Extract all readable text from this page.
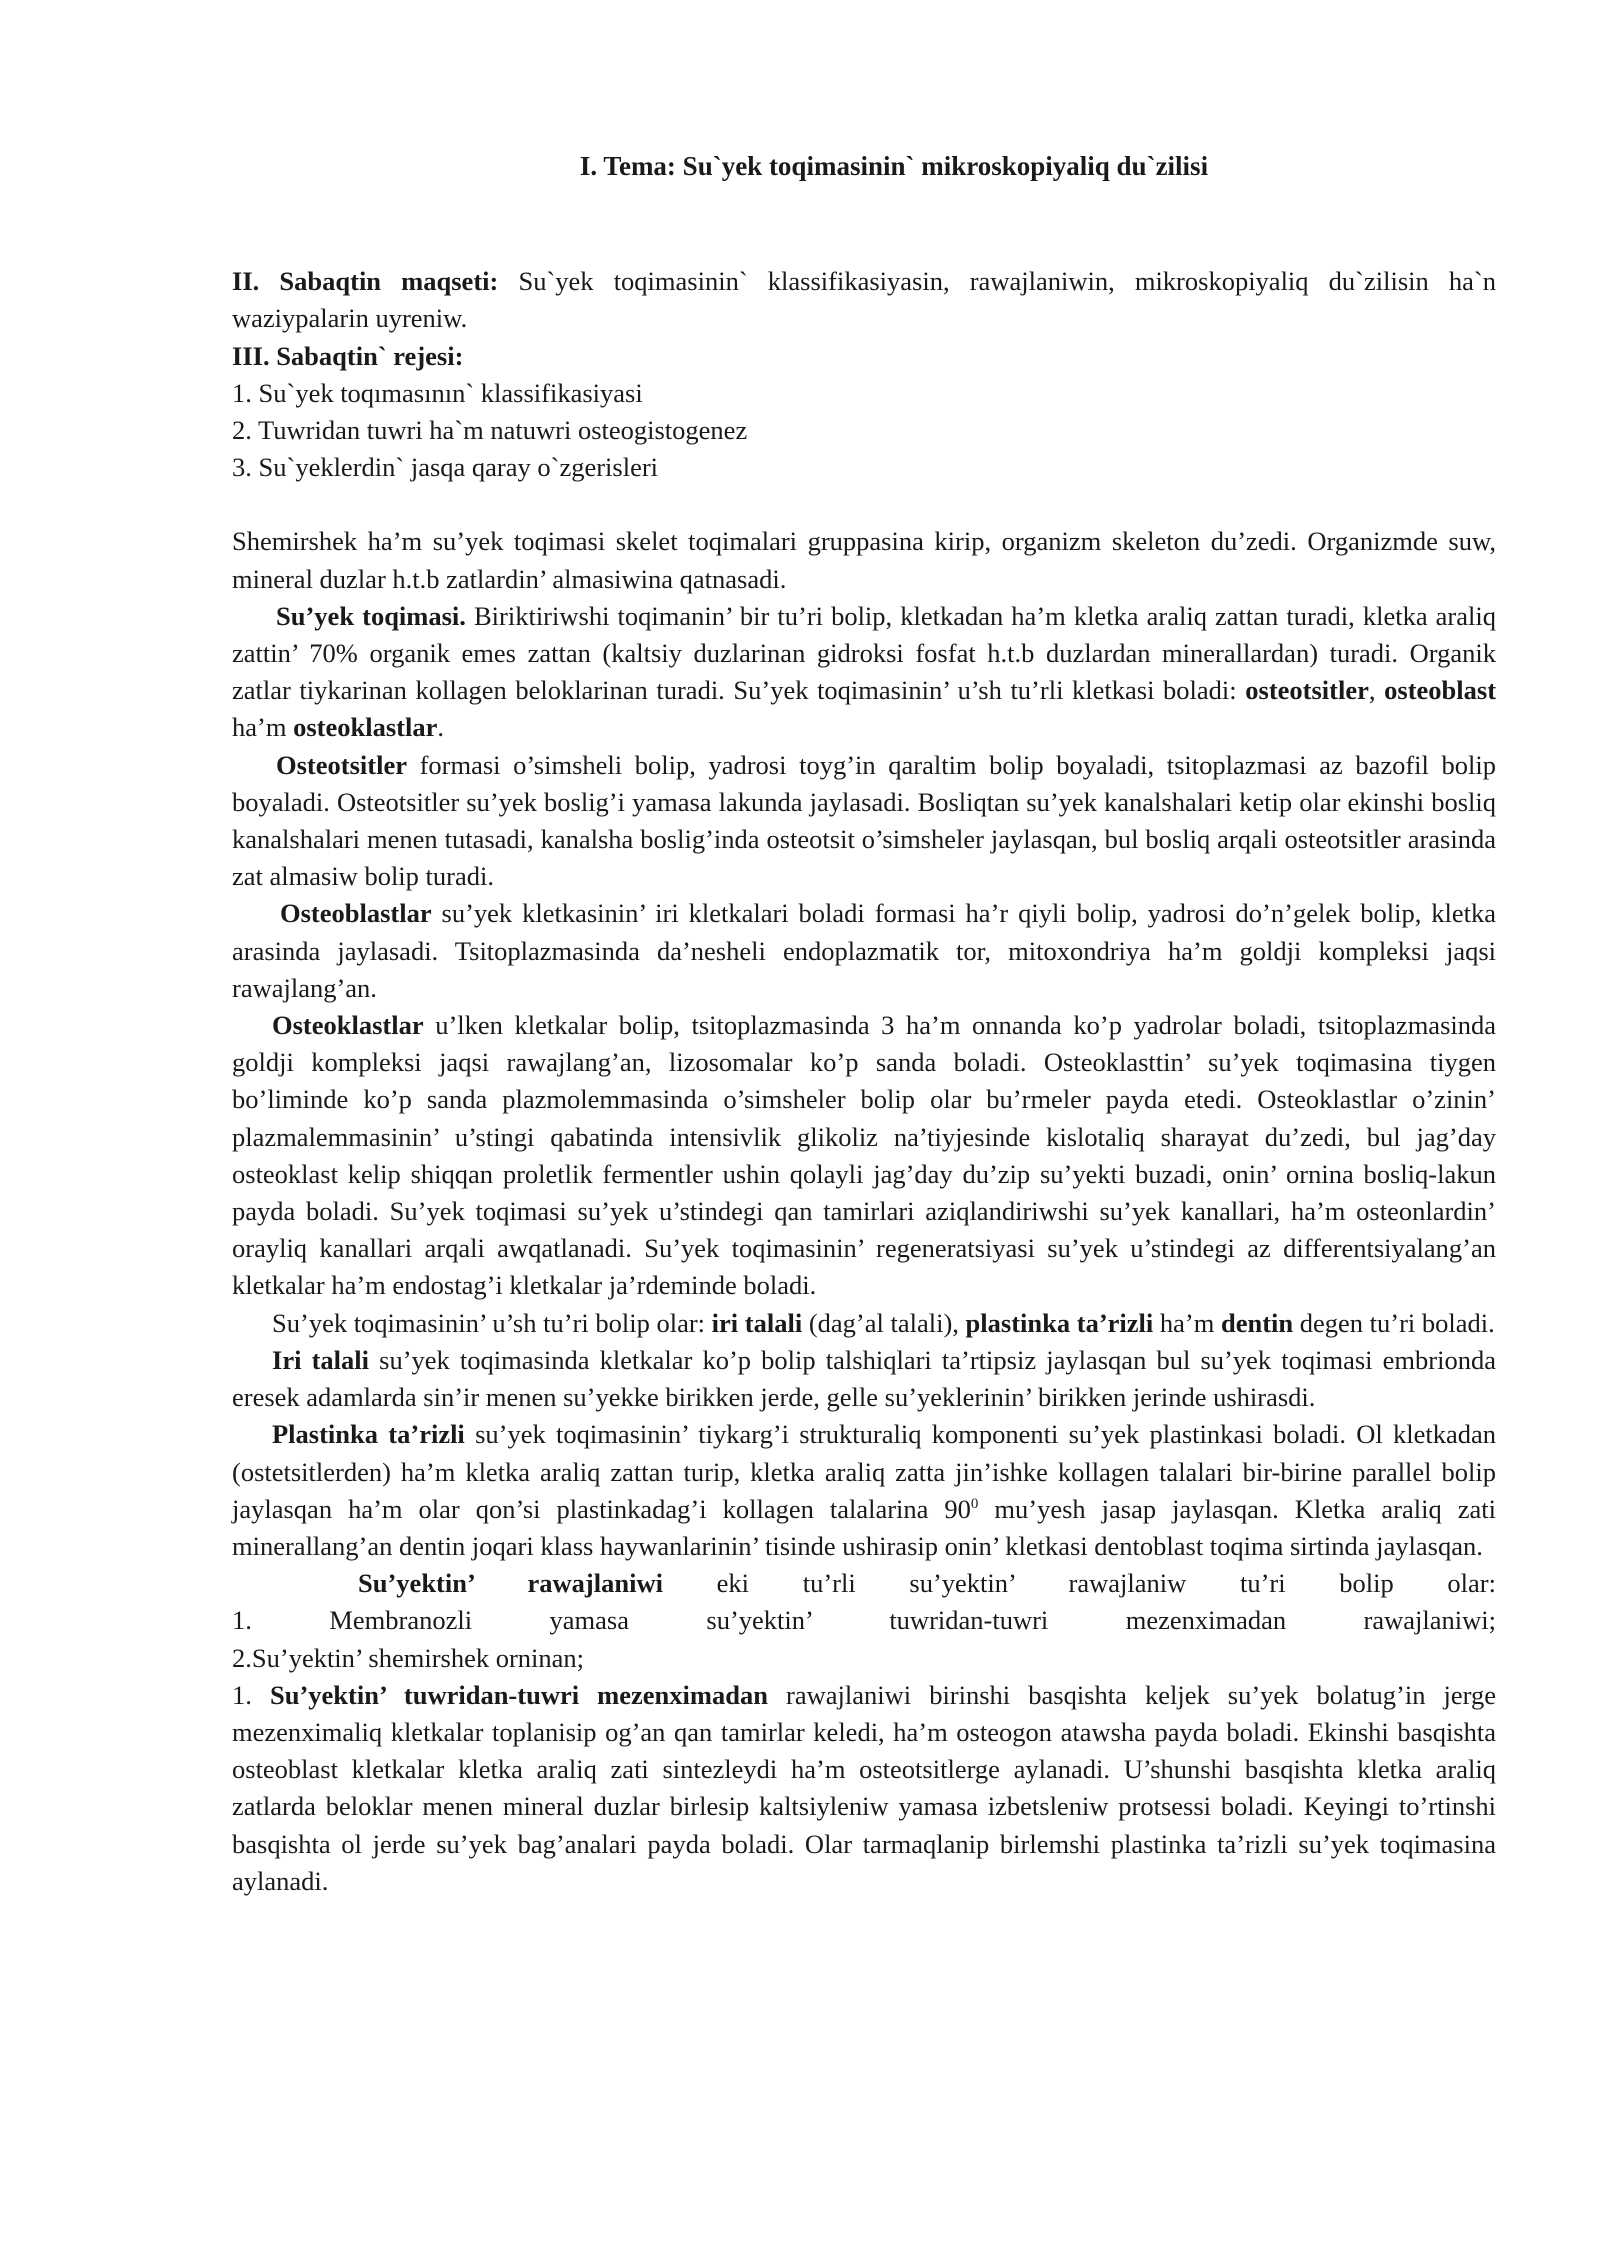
I. Tema: Su`yek toqimasinin` mikroskopiyaliq du`zilisi

II. Sabaqtin maqseti: Su`yek toqimasinin` klassifikasiyasin, rawajlaniwin, mikroskopiyaliq du`zilisin ha`n waziypalarin uyreniw.

III. Sabaqtin` rejesi:

1. Su`yek toqımasının` klassifikasiyasi

2. Tuwridan tuwri ha`m natuwri osteogistogenez

3. Su`yeklerdin` jasqa qaray o`zgerisleri

Shemirshek ha’m su’yek toqimasi skelet toqimalari gruppasina kirip, organizm skeleton du’zedi. Organizmde suw, mineral duzlar h.t.b zatlardin’ almasiwina qatnasadi.

Su’yek toqimasi. Biriktiriwshi toqimanin’ bir tu’ri bolip, kletkadan ha’m kletka araliq zattan turadi, kletka araliq zattin’ 70% organik emes zattan (kaltsiy duzlarinan gidroksi fosfat h.t.b duzlardan minerallardan) turadi. Organik zatlar tiykarinan kollagen beloklarinan turadi. Su’yek toqimasinin’ u’sh tu’rli kletkasi boladi: osteotsitler, osteoblast ha’m osteoklastlar.

Osteotsitler formasi o’simsheli bolip, yadrosi toyg’in qaraltim bolip boyaladi, tsitoplazmasi az bazofil bolip boyaladi. Osteotsitler su’yek boslig’i yamasa lakunda jaylasadi. Bosliqtan su’yek kanalshalari ketip olar ekinshi bosliq kanalshalari menen tutasadi, kanalsha boslig’inda osteotsit o’simsheler jaylasqan, bul bosliq arqali osteotsitler arasinda zat almasiw bolip turadi.

Osteoblastlar su’yek kletkasinin’ iri kletkalari boladi formasi ha’r qiyli bolip, yadrosi do’n’gelek bolip, kletka arasinda jaylasadi. Tsitoplazmasinda da’nesheli endoplazmatik tor, mitoxondriya ha’m goldji kompleksi jaqsi rawajlang’an.

Osteoklastlar u’lken kletkalar bolip, tsitoplazmasinda 3 ha’m onnanda ko’p yadrolar boladi, tsitoplazmasinda goldji kompleksi jaqsi rawajlang’an, lizosomalar ko’p sanda boladi. Osteoklasttin’ su’yek toqimasina tiygen bo’liminde ko’p sanda plazmolemmasinda o’simsheler bolip olar bu’rmeler payda etedi. Osteoklastlar o’zinin’ plazmalemmasinin’ u’stingi qabatinda intensivlik glikoliz na’tiyjesinde kislotaliq sharayat du’zedi, bul jag’day osteoklast kelip shiqqan proletlik fermentler ushin qolayli jag’day du’zip su’yekti buzadi, onin’ ornina bosliq-lakun payda boladi. Su’yek toqimasi su’yek u’stindegi qan tamirlari aziqlandiriwshi su’yek kanallari, ha’m osteonlardin’ orayliq kanallari arqali awqatlanadi. Su’yek toqimasinin’ regeneratsiyasi su’yek u’stindegi az differentsiyalang’an kletkalar ha’m endostag’i kletkalar ja’rdeminde boladi.

Su’yek toqimasinin’ u’sh tu’ri bolip olar: iri talali (dag’al talali), plastinka ta’rizli ha’m dentin degen tu’ri boladi.

Iri talali su’yek toqimasinda kletkalar ko’p bolip talshiqlari ta’rtipsiz jaylasqan bul su’yek toqimasi embrionda eresek adamlarda sin’ir menen su’yekke birikken jerde, gelle su’yeklerinin’ birikken jerinde ushirasdi.

Plastinka ta’rizli su’yek toqimasinin’ tiykarg’i strukturaliq komponenti su’yek plastinkasi boladi. Ol kletkadan (ostetsitlerden) ha’m kletka araliq zattan turip, kletka araliq zatta jin’ishke kollagen talalari bir-birine parallel bolip jaylasqan ha’m olar qon’si plastinkadag’i kollagen talalarina $90^0$ mu’yesh jasap jaylasqan. Kletka araliq zati minerallang’an dentin joqari klass haywanlarinin’ tisinde ushirasip onin’ kletkasi dentoblast toqima sirtinda jaylasqan.

Su’yektin’ rawajlaniwi eki tu’rli su’yektin’ rawajlaniw tu’ri bolip olar:

1. Membranozli yamasa su’yektin’ tuwridan-tuwri mezenximadan rawajlaniwi;

2.Su’yektin’ shemirshek orninan;

1. Su’yektin’ tuwridan-tuwri mezenximadan rawajlaniwi birinshi basqishta keljek su’yek bolatug’in jerge mezenximaliq kletkalar toplanisip og’an qan tamirlar keledi, ha’m osteogon atawsha payda boladi. Ekinshi basqishta osteoblast kletkalar kletka araliq zati sintezleydi ha’m osteotsitlerge aylanadi. U’shunshi basqishta kletka araliq zatlarda beloklar menen mineral duzlar birlesip kaltsiyleniw yamasa izbetsleniw protsessi boladi. Keyingi to’rtinshi basqishta ol jerde su’yek bag’analari payda boladi. Olar tarmaqlanip birlemshi plastinka ta’rizli su’yek toqimasina aylanadi.
